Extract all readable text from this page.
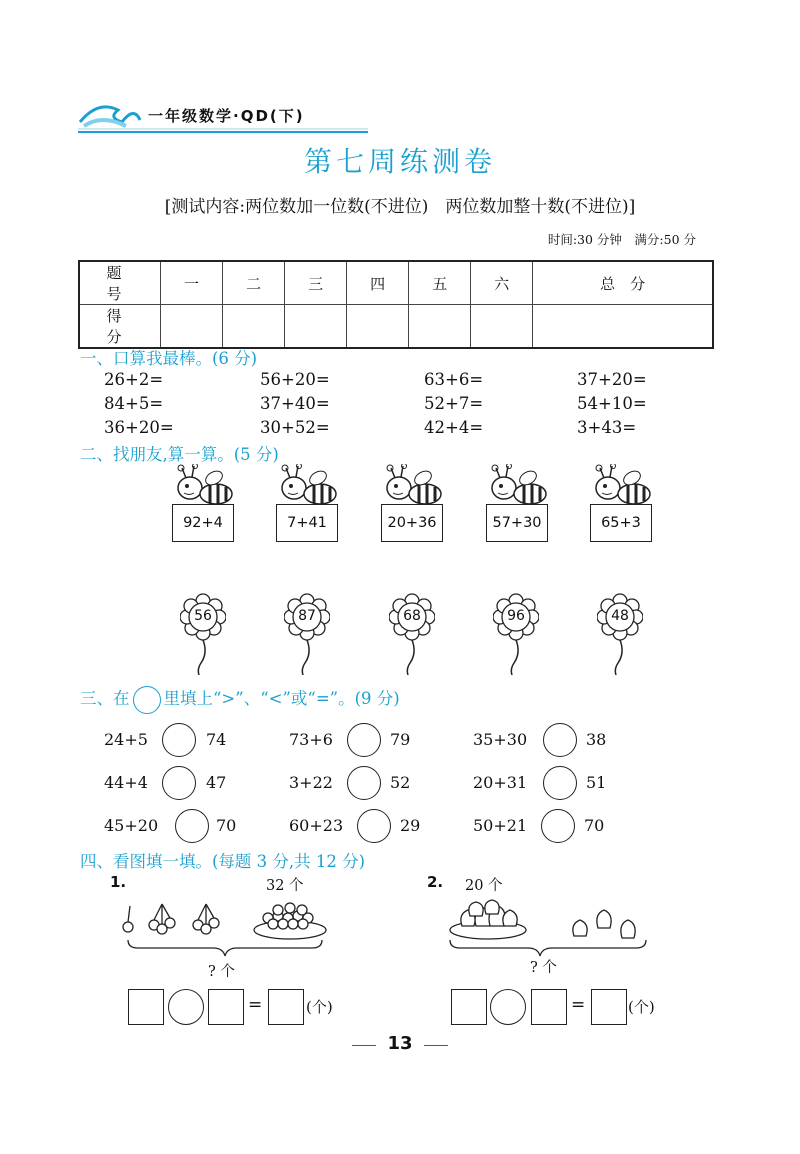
一年级数学·QD(下)
第七周练测卷
[测试内容:两位数加一位数(不进位)　两位数加整十数(不进位)]
时间:30 分钟　满分:50 分
题　号	一	二	三	四	五	六	总　分
得　分							
一、口算我最棒。(6 分)
26+2=	56+20=	63+6=	37+20=
84+5=	37+40=	52+7=	54+10=
36+20=	30+52=	42+4=	3+43=
二、找朋友,算一算。(5 分)
92+4	7+41	20+36	57+30	65+3
56	87	68	96	48
三、在 里填上“>”、“<”或“=”。(9 分)
24+5	74	73+6	79	35+30	38
44+4	47	3+22	52	20+31	51
45+20	70	60+23	29	50+21	70
四、看图填一填。(每题 3 分,共 12 分)
1.	32 个
? 个
=	(个)
2. 20 个
? 个
=	(个)
13
